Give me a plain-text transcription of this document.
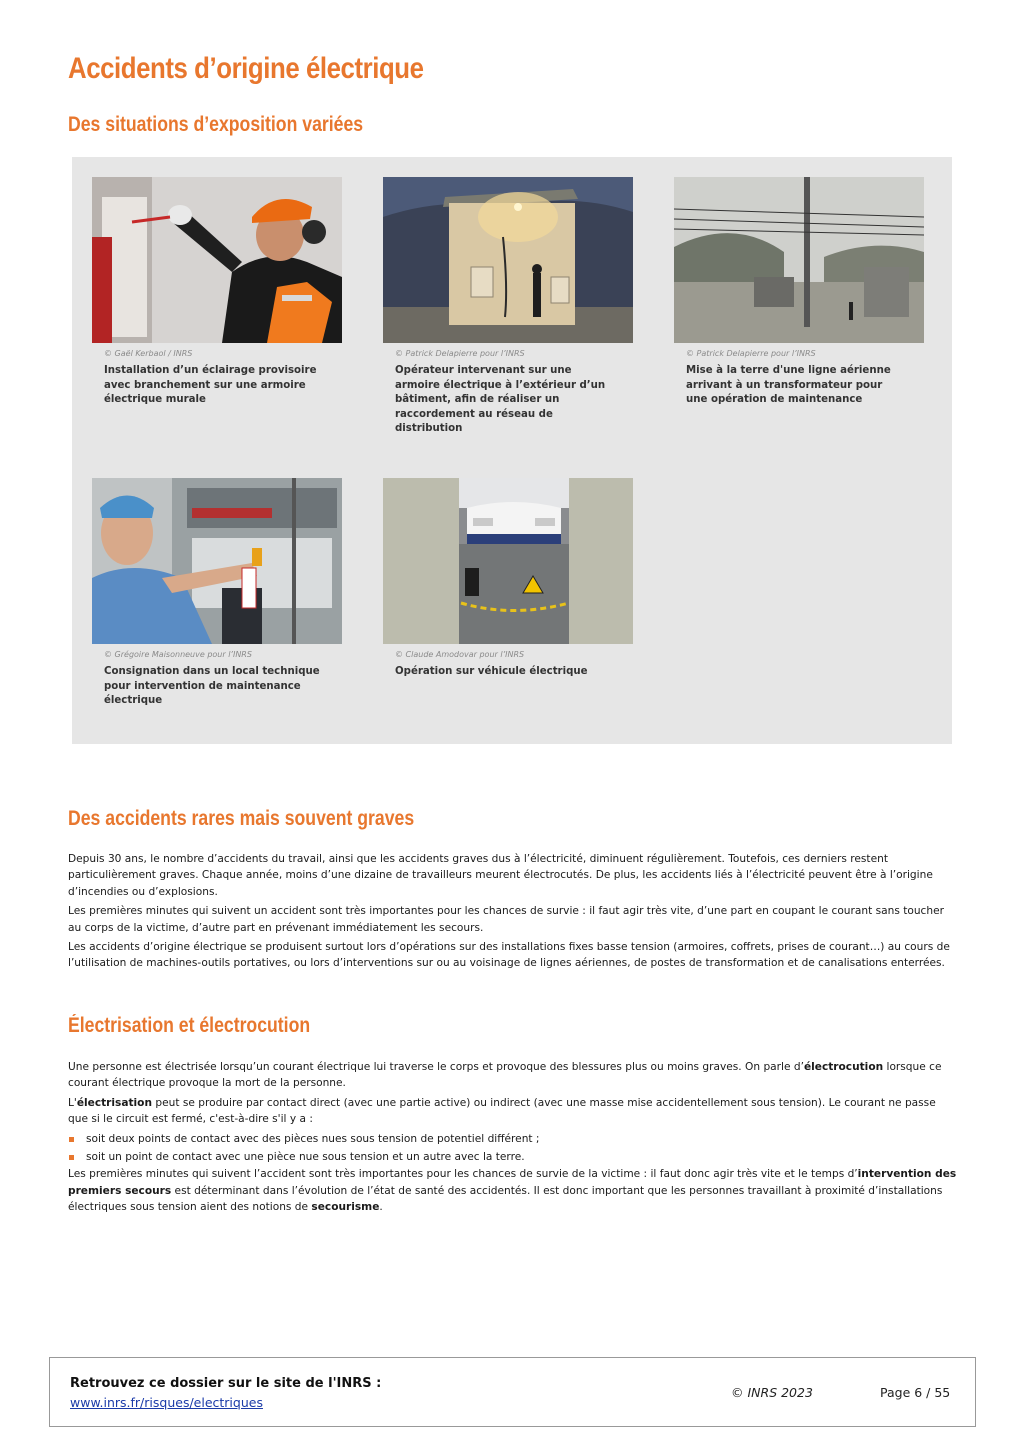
Accidents d’origine électrique
Des situations d’exposition variées
© Gaël Kerbaol / INRS
Installation d’un éclairage provisoire avec branchement sur une armoire électrique murale
© Patrick Delapierre pour l’INRS
Opérateur intervenant sur une armoire électrique à l’extérieur d’un bâtiment, afin de réaliser un raccordement au réseau de distribution
© Patrick Delapierre pour l’INRS
Mise à la terre d'une ligne aérienne arrivant à un transformateur pour une opération de maintenance
© Grégoire Maisonneuve pour l’INRS
Consignation dans un local technique pour intervention de maintenance électrique
© Claude Amodovar pour l’INRS
Opération sur véhicule électrique
Des accidents rares mais souvent graves

Depuis 30 ans, le nombre d’accidents du travail, ainsi que les accidents graves dus à l’électricité, diminuent régulièrement. Toutefois, ces derniers restent particulièrement graves. Chaque année, moins d’une dizaine de travailleurs meurent électrocutés. De plus, les accidents liés à l’électricité peuvent être à l’origine d’incendies ou d’explosions.

Les premières minutes qui suivent un accident sont très importantes pour les chances de survie : il faut agir très vite, d’une part en coupant le courant sans toucher au corps de la victime, d’autre part en prévenant immédiatement les secours.

Les accidents d’origine électrique se produisent surtout lors d’opérations sur des installations fixes basse tension (armoires, coffrets, prises de courant…) au cours de l’utilisation de machines-outils portatives, ou lors d’interventions sur ou au voisinage de lignes aériennes, de postes de transformation et de canalisations enterrées.

Électrisation et électrocution

Une personne est électrisée lorsqu’un courant électrique lui traverse le corps et provoque des blessures plus ou moins graves. On parle d’électrocution lorsque ce courant électrique provoque la mort de la personne.

L'électrisation peut se produire par contact direct (avec une partie active) ou indirect (avec une masse mise accidentellement sous tension). Le courant ne passe que si le circuit est fermé, c'est-à-dire s'il y a :

soit deux points de contact avec des pièces nues sous tension de potentiel différent ;
soit un point de contact avec une pièce nue sous tension et un autre avec la terre.

Les premières minutes qui suivent l’accident sont très importantes pour les chances de survie de la victime : il faut donc agir très vite et le temps d’intervention des premiers secours est déterminant dans l’évolution de l’état de santé des accidentés. Il est donc important que les personnes travaillant à proximité d’installations électriques sous tension aient des notions de secourisme.

Retrouvez ce dossier sur le site de l'INRS :
www.inrs.fr/risques/electriques
© INRS 2023	Page 6 / 55
